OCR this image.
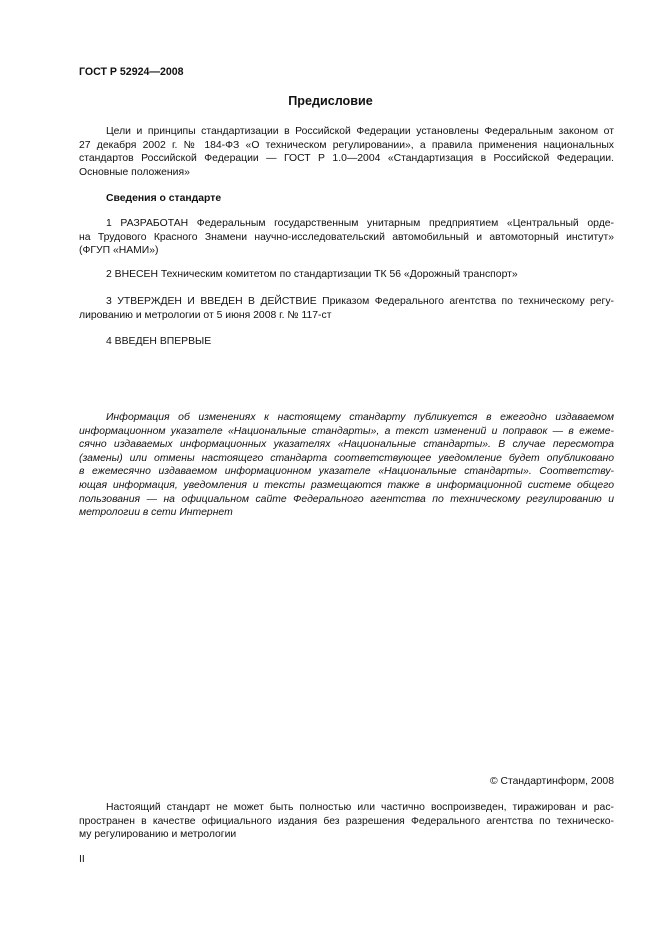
ГОСТ Р 52924—2008

Предисловие

Цели и принципы стандартизации в Российской Федерации установлены Федеральным законом от
27 декабря 2002 г. № 184-ФЗ «О техническом регулировании», а правила применения национальных
стандартов Российской Федерации — ГОСТ Р 1.0—2004 «Стандартизация в Российской Федерации.
Основные положения»

Сведения о стандарте

1 РАЗРАБОТАН Федеральным государственным унитарным предприятием «Центральный орде-
на Трудового Красного Знамени научно-исследовательский автомобильный и автомоторный институт»
(ФГУП «НАМИ»)

2 ВНЕСЕН Техническим комитетом по стандартизации ТК 56 «Дорожный транспорт»

3 УТВЕРЖДЕН И ВВЕДЕН В ДЕЙСТВИЕ Приказом Федерального агентства по техническому регу-
лированию и метрологии от 5 июня 2008 г. № 117-ст

4 ВВЕДЕН ВПЕРВЫЕ

Информация об изменениях к настоящему стандарту публикуется в ежегодно издаваемом
информационном указателе «Национальные стандарты», а текст изменений и поправок — в ежеме-
сячно издаваемых информационных указателях «Национальные стандарты». В случае пересмотра
(замены) или отмены настоящего стандарта соответствующее уведомление будет опубликовано
в ежемесячно издаваемом информационном указателе «Национальные стандарты». Соответству-
ющая информация, уведомления и тексты размещаются также в информационной системе общего
пользования — на официальном сайте Федерального агентства по техническому регулированию и
метрологии в сети Интернет

© Стандартинформ, 2008

Настоящий стандарт не может быть полностью или частично воспроизведен, тиражирован и рас-
пространен в качестве официального издания без разрешения Федерального агентства по техническо-
му регулированию и метрологии

II
